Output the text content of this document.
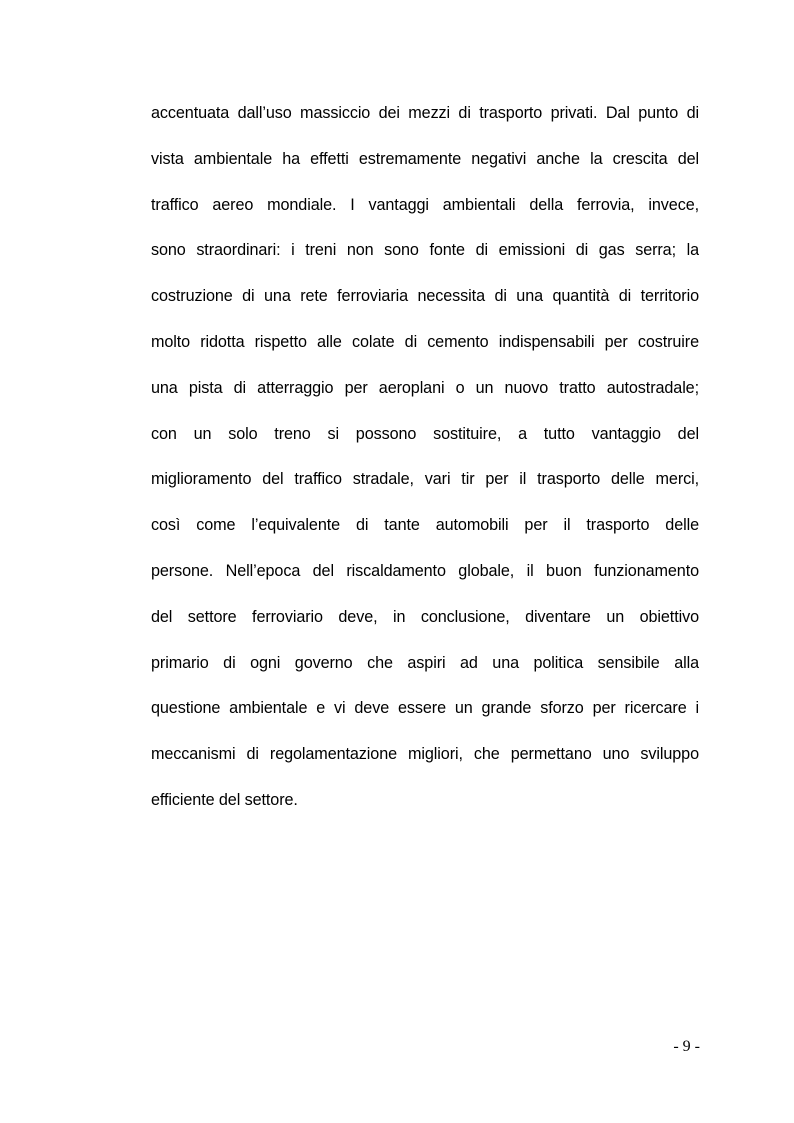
accentuata dall’uso massiccio dei mezzi di trasporto privati. Dal punto di
vista ambientale ha effetti estremamente negativi anche la crescita del
traffico aereo mondiale. I vantaggi ambientali della ferrovia, invece,
sono straordinari: i treni non sono fonte di emissioni di gas serra; la
costruzione di una rete ferroviaria necessita di una quantità di territorio
molto ridotta rispetto alle colate di cemento indispensabili per costruire
una pista di atterraggio per aeroplani o un nuovo tratto autostradale;
con un solo treno si possono sostituire, a tutto vantaggio del
miglioramento del traffico stradale, vari tir per il trasporto delle merci,
così come l’equivalente di tante automobili per il trasporto delle
persone. Nell’epoca del riscaldamento globale, il buon funzionamento
del settore ferroviario deve, in conclusione, diventare un obiettivo
primario di ogni governo che aspiri ad una politica sensibile alla
questione ambientale e vi deve essere un grande sforzo per ricercare i
meccanismi di regolamentazione migliori, che permettano uno sviluppo
efficiente del settore.
- 9 -
